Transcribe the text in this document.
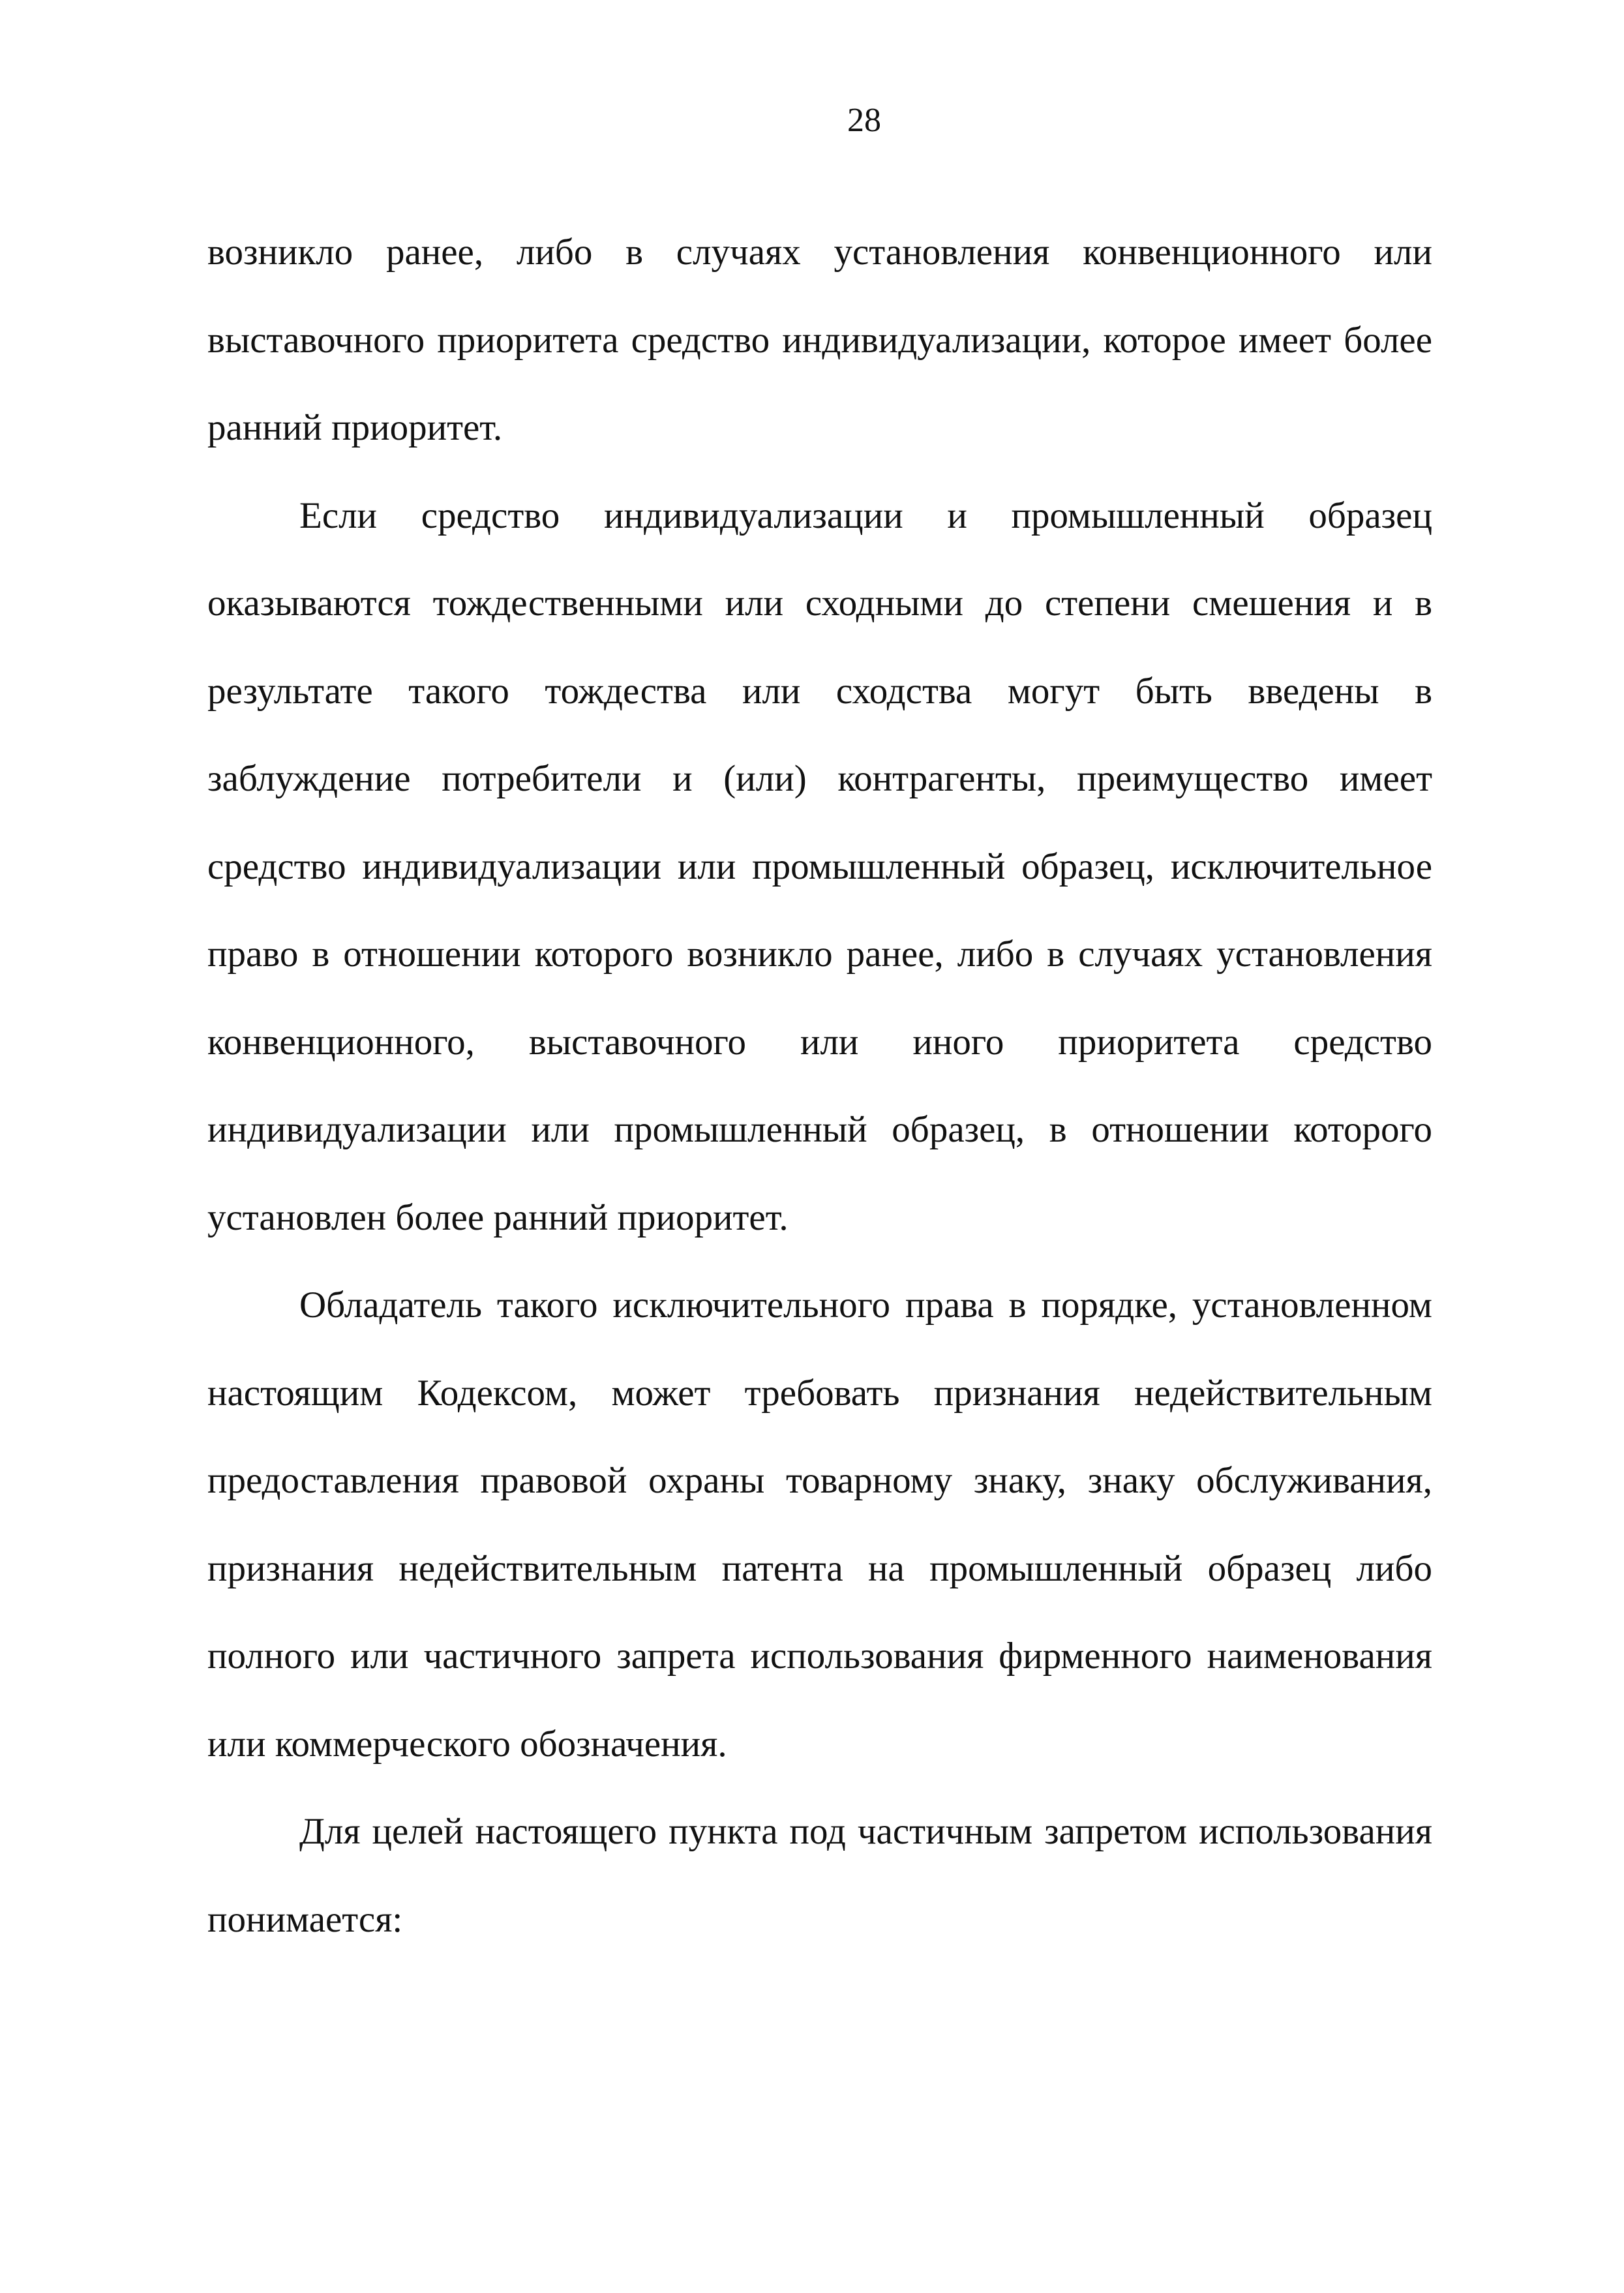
28

возникло ранее, либо в случаях установления конвенционного или выставочного приоритета средство индивидуализации, которое имеет более ранний приоритет.

Если средство индивидуализации и промышленный образец оказываются тождественными или сходными до степени смешения и в результате такого тождества или сходства могут быть введены в заблуждение потребители и (или) контрагенты, преимущество имеет средство индивидуализации или промышленный образец, исключительное право в отношении которого возникло ранее, либо в случаях установления конвенционного, выставочного или иного приоритета средство индивидуализации или промышленный образец, в отношении которого установлен более ранний приоритет.

Обладатель такого исключительного права в порядке, установленном настоящим Кодексом, может требовать признания недействительным предоставления правовой охраны товарному знаку, знаку обслуживания, признания недействительным патента на промышленный образец либо полного или частичного запрета использования фирменного наименования или коммерческого обозначения.

Для целей настоящего пункта под частичным запретом использования понимается:
